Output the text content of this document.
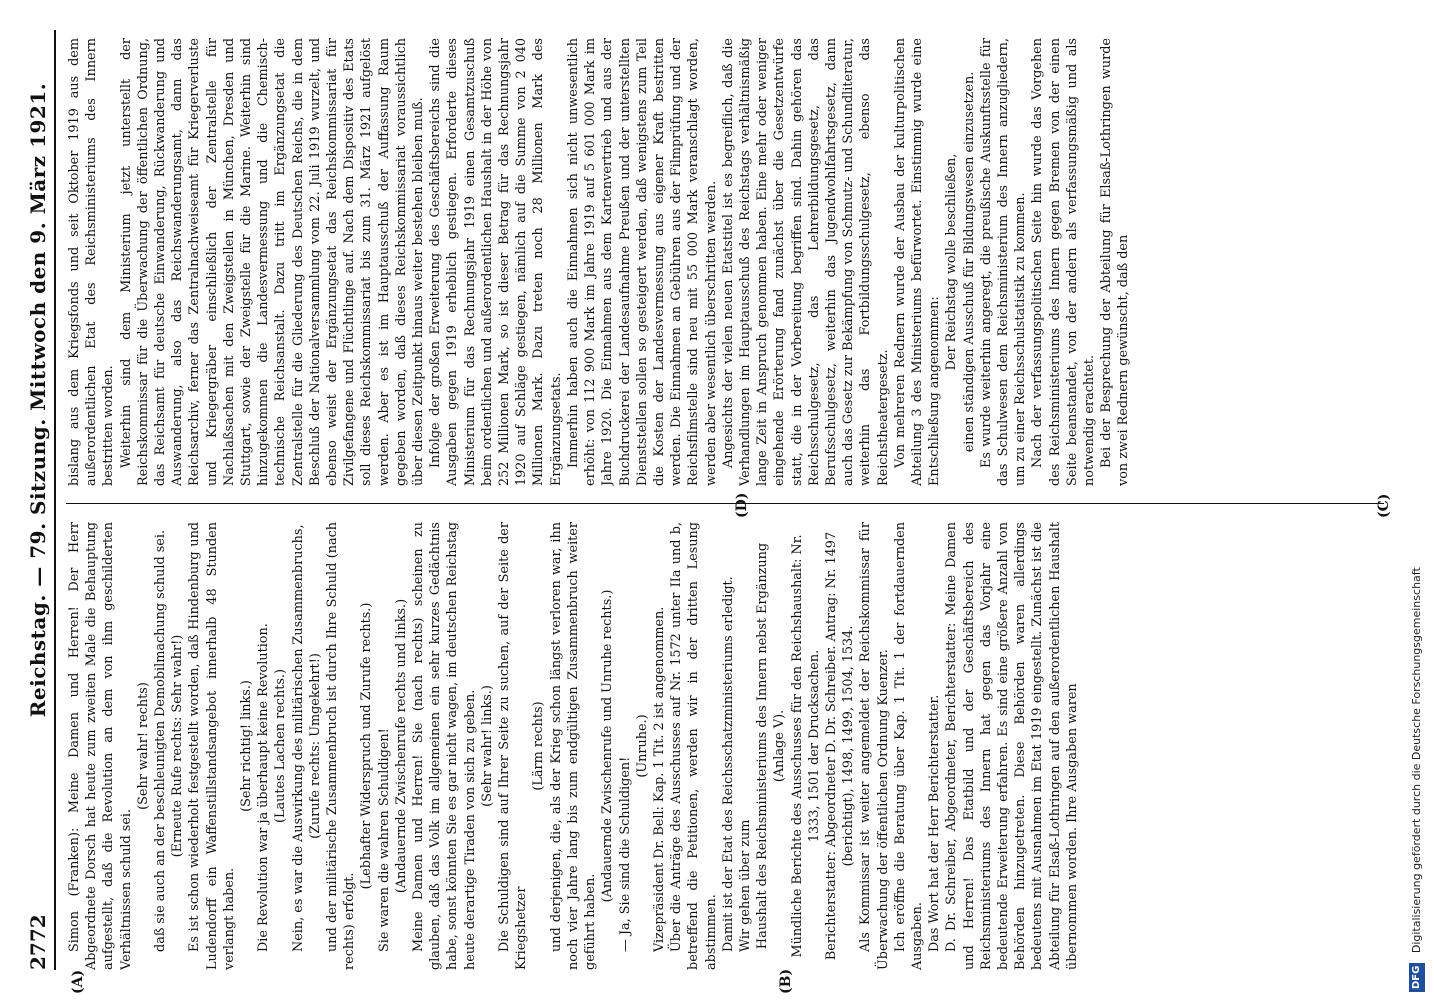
2772
Reichstag. — 79. Sitzung. Mittwoch den 9. März 1921.
(A)	(B)
(C)
(D)

Simon (Franken): Meine Damen und Herren! Der Herr Abgeordnete Dorsch hat heute zum zweiten Male die Behauptung aufgestellt, daß die Revolution an dem von ihm geschilderten Verhältnissen schuld sei.

(Sehr wahr! rechts) daß sie auch an der beschleunigten Demobilmachung schuld sei. (Erneute Rufe rechts: Sehr wahr!) Es ist schon wiederholt festgestellt worden, daß Hindenburg und Ludendorff ein Waffenstillstandsangebot innerhalb 48 Stunden verlangt haben.

(Sehr richtig! links.) Die Revolution war ja überhaupt keine Revolution. (Lautes Lachen rechts.) Nein, es war die Auswirkung des militärischen Zusammenbruchs, (Zurufe rechts: Umgekehrt!) und der militärische Zusammenbruch ist durch Ihre Schuld (nach rechts) erfolgt.

(Lebhafter Widerspruch und Zurufe rechts.) Sie waren die wahren Schuldigen! (Andauernde Zwischenrufe rechts und links.) Meine Damen und Herren! Sie (nach rechts) scheinen zu glauben, daß das Volk im allgemeinen ein sehr kurzes Gedächtnis habe, sonst könnten Sie es gar nicht wagen, im deutschen Reichstag heute derartige Tiraden von sich zu geben. (Sehr wahr! links.) Die Schuldigen sind auf Ihrer Seite zu suchen, auf der Seite der Kriegshetzer

(Lärm rechts) und derjenigen, die, als der Krieg schon längst verloren war, ihn noch vier Jahre lang bis zum endgültigen Zusammenbruch weiter geführt haben.

(Andauernde Zwischenrufe und Unruhe rechts.) — Ja, Sie sind die Schuldigen!

(Unruhe.) Vizepräsident Dr. Bell: Kap. 1 Tit. 2 ist angenommen. Über die Anträge des Ausschusses auf Nr. 1572 unter IIa und b, betreffend die Petitionen, werden wir in der dritten Lesung abstimmen. Damit ist der Etat des Reichsschatzministeriums erledigt. Wir gehen über zum Haushalt des Reichsministeriums des Innern nebst Ergänzung (Anlage V). Mündliche Berichte des Ausschusses für den Reichshaushalt: Nr. 1333, 1501 der Drucksachen. Berichterstatter: Abgeordneter D. Dr. Schreiber. Antrag: Nr. 1497 (berichtigt), 1498, 1499, 1504, 1534. Als Kommissar ist weiter angemeldet der Reichskommissar für Überwachung der öffentlichen Ordnung Kuenzer. Ich eröffne die Beratung über Kap. 1 Tit. 1 der fortdauernden Ausgaben. Das Wort hat der Herr Berichterstatter. D. Dr. Schreiber, Abgeordneter, Berichterstatter: Meine Damen und Herren! Das Etatbild und der Geschäftsbereich des Reichsministeriums des Innern hat gegen das Vorjahr eine bedeutende Erweiterung erfahren. Es sind eine größere Anzahl von Behörden hinzugetreten. Diese Behörden waren allerdings bedeutens mit Ausnahmen im Etat 1919 eingestellt. Zunächst ist die Abteilung für Elsaß-Lothringen auf den außerordentlichen Haushalt übernommen worden. Ihre Ausgaben waren

bislang aus dem Kriegsfonds und seit Oktober 1919 aus dem außerordentlichen Etat des Reichsministeriums des Innern bestritten worden. Weiterhin sind dem Ministerium jetzt unterstellt der Reichskommissar für die Überwachung der öffentlichen Ordnung, das Reichsamt für deutsche Einwanderung, Rückwanderung und Auswanderung, also das Reichswanderungsamt, dann das Reichsarchiv, ferner das Zentralnachweiseamt für Kriegerverluste und Kriegergräber einschließlich der Zentralstelle für Nachlaßsachen mit den Zweigstellen in München, Dresden und Stuttgart, sowie der Zweigstelle für die Marine. Weiterhin sind hinzugekommen die Landesvermessung und die Chemisch-technische Reichsanstalt. Dazu tritt im Ergänzungsetat die Zentralstelle für die Gliederung des Deutschen Reichs, die in dem Beschluß der Nationalversammlung vom 22. Juli 1919 wurzelt, und ebenso weist der Ergänzungsetat das Reichskommissariat für Zivilgefangene und Flüchtlinge auf. Nach dem Dispositiv des Etats soll dieses Reichskommissariat bis zum 31. März 1921 aufgelöst werden. Aber es ist im Hauptausschuß der Auffassung Raum gegeben worden, daß dieses Reichskommissariat voraussichtlich über diesen Zeitpunkt hinaus weiter bestehen bleiben muß. Infolge der großen Erweiterung des Geschäftsbereichs sind die Ausgaben gegen 1919 erheblich gestiegen. Erforderte dieses Ministerium für das Rechnungsjahr 1919 einen Gesamtzuschuß beim ordentlichen und außerordentlichen Haushalt in der Höhe von 252 Millionen Mark, so ist dieser Betrag für das Rechnungsjahr 1920 auf Schläge gestiegen, nämlich auf die Summe von 2 040 Millionen Mark. Dazu treten noch 28 Millionen Mark des Ergänzungsetats. Immerhin haben auch die Einnahmen sich nicht unwesentlich erhöht: von 112 900 Mark im Jahre 1919 auf 5 601 000 Mark im Jahre 1920. Die Einnahmen aus dem Kartenvertrieb und aus der Buchdruckerei der Landesaufnahme Preußen und der unterstellten Dienststellen sollen so gesteigert werden, daß wenigstens zum Teil die Kosten der Landesvermessung aus eigener Kraft bestritten werden. Die Einnahmen an Gebühren aus der Filmprüfung und der Reichsfilmstelle sind neu mit 55 000 Mark veranschlagt worden, werden aber wesentlich überschritten werden. Angesichts der vielen neuen Etatstitel ist es begreiflich, daß die Verhandlungen im Hauptausschuß des Reichstags verhältnismäßig lange Zeit in Anspruch genommen haben. Eine mehr oder weniger eingehende Erörterung fand zunächst über die Gesetzentwürfe statt, die in der Vorbereitung begriffen sind. Dahin gehören das Reichsschulgesetz, das Lehrerbildungsgesetz, das Berufsschulgesetz, weiterhin das Jugendwohlfahrtsgesetz, dann auch das Gesetz zur Bekämpfung von Schmutz- und Schundliteratur, weiterhin das Fortbildungsschulgesetz, ebenso das Reichstheatergesetz. Von mehreren Rednern wurde der Ausbau der kulturpolitischen Abteilung 3 des Ministeriums befürwortet. Einstimmig wurde eine Entschließung angenommen:

Der Reichstag wolle beschließen, einen ständigen Ausschuß für Bildungswesen einzusetzen. Es wurde weiterhin angeregt, die preußische Auskunftsstelle für das Schulwesen dem Reichsministerium des Innern anzugliedern, um zu einer Reichsschulstatistik zu kommen. Nach der verfassungspolitischen Seite hin wurde das Vorgehen des Reichsministeriums des Innern gegen Bremen von der einen Seite beanstandet, von der andern als verfassungsmäßig und als notwendig erachtet. Bei der Besprechung der Abteilung für Elsaß-Lothringen wurde von zwei Rednern gewünscht, daß den

DFG Digitalisierung gefördert durch die Deutsche Forschungsgemeinschaft
